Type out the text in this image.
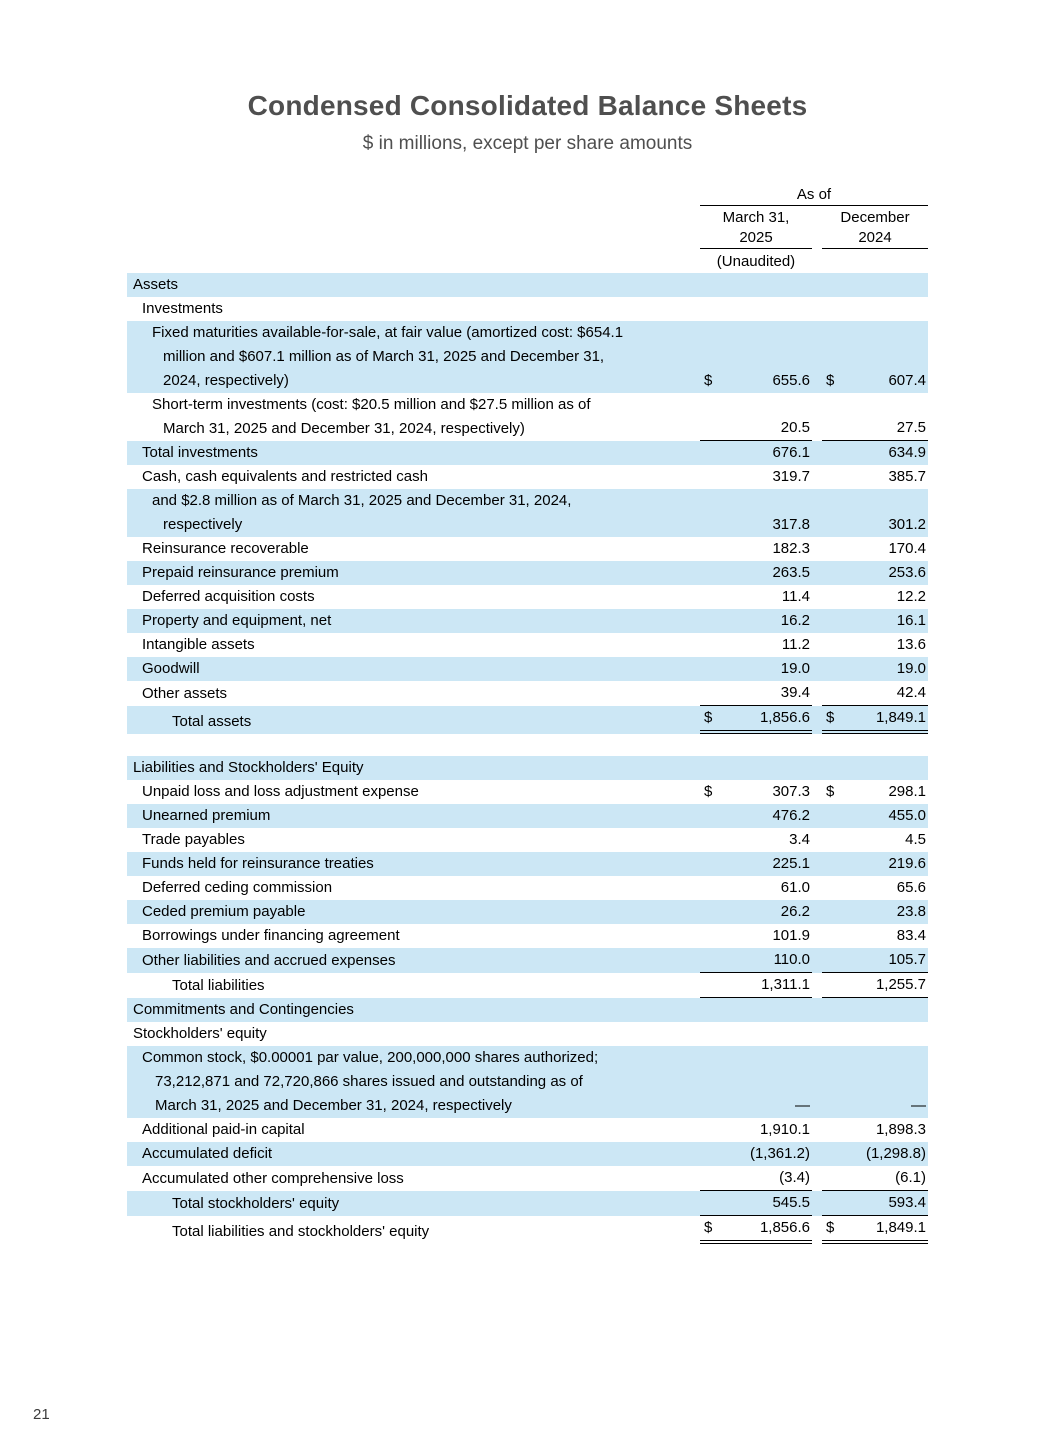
Condensed Consolidated Balance Sheets
$ in millions, except per share amounts
As of
March 31,
2025
December
2024
(Unaudited)
Assets
Investments
Fixed maturities available-for-sale, at fair value (amortized cost: $654.1
million and $607.1 million as of March 31, 2025 and December 31,
2024, respectively)	$	655.6 $	607.4
Short-term investments (cost: $20.5 million and $27.5 million as of
March 31, 2025 and December 31, 2024, respectively)	20.5	27.5
Total investments	676.1	634.9
Cash, cash equivalents and restricted cash	319.7	385.7
and $2.8 million as of March 31, 2025 and December 31, 2024,
respectively	317.8	301.2
Reinsurance recoverable	182.3	170.4
Prepaid reinsurance premium	263.5	253.6
Deferred acquisition costs	11.4	12.2
Property and equipment, net	16.2	16.1
Intangible assets	11.2	13.6
Goodwill	19.0	19.0
Other assets	39.4	42.4
Total assets	$	1,856.6 $	1,849.1
Liabilities and Stockholders' Equity
Unpaid loss and loss adjustment expense	$	307.3 $	298.1
Unearned premium	476.2	455.0
Trade payables	3.4	4.5
Funds held for reinsurance treaties	225.1	219.6
Deferred ceding commission	61.0	65.6
Ceded premium payable	26.2	23.8
Borrowings under financing agreement	101.9	83.4
Other liabilities and accrued expenses	110.0	105.7
Total liabilities	1,311.1	1,255.7
Commitments and Contingencies
Stockholders' equity
Common stock, $0.00001 par value, 200,000,000 shares authorized;
73,212,871 and 72,720,866 shares issued and outstanding as of
March 31, 2025 and December 31, 2024, respectively	—	—
Additional paid-in capital	1,910.1	1,898.3
Accumulated deficit	(1,361.2)	(1,298.8)
Accumulated other comprehensive loss	(3.4)	(6.1)
Total stockholders' equity	545.5	593.4
Total liabilities and stockholders' equity	$	1,856.6 $	1,849.1
21
